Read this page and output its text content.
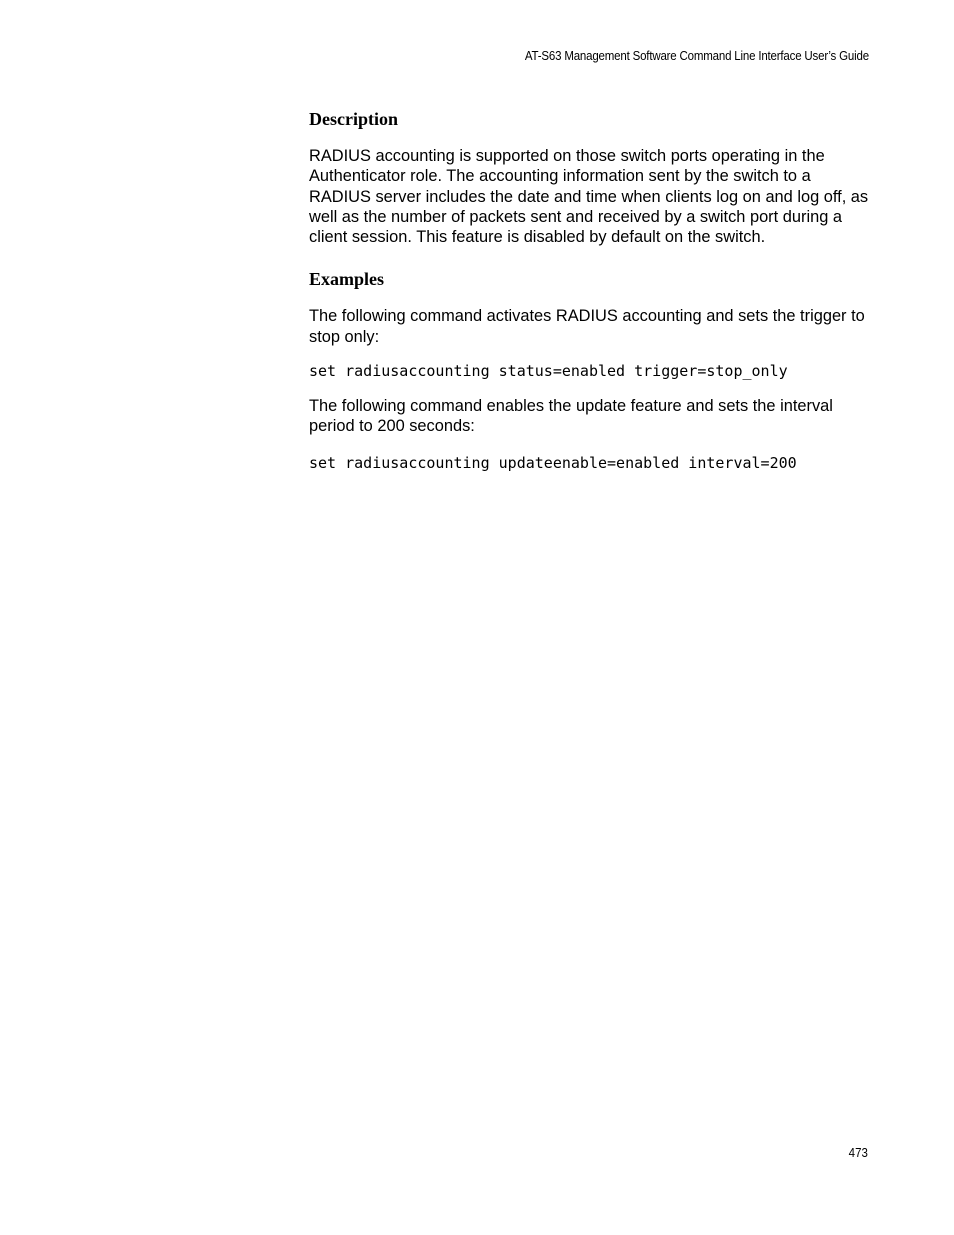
AT-S63 Management Software Command Line Interface User’s Guide
Description

RADIUS accounting is supported on those switch ports operating in the Authenticator role. The accounting information sent by the switch to a RADIUS server includes the date and time when clients log on and log off, as well as the number of packets sent and received by a switch port during a client session. This feature is disabled by default on the switch.

Examples

The following command activates RADIUS accounting and sets the trigger to stop only:

set radiusaccounting status=enabled trigger=stop_only

The following command enables the update feature and sets the interval period to 200 seconds:

set radiusaccounting updateenable=enabled interval=200
473
